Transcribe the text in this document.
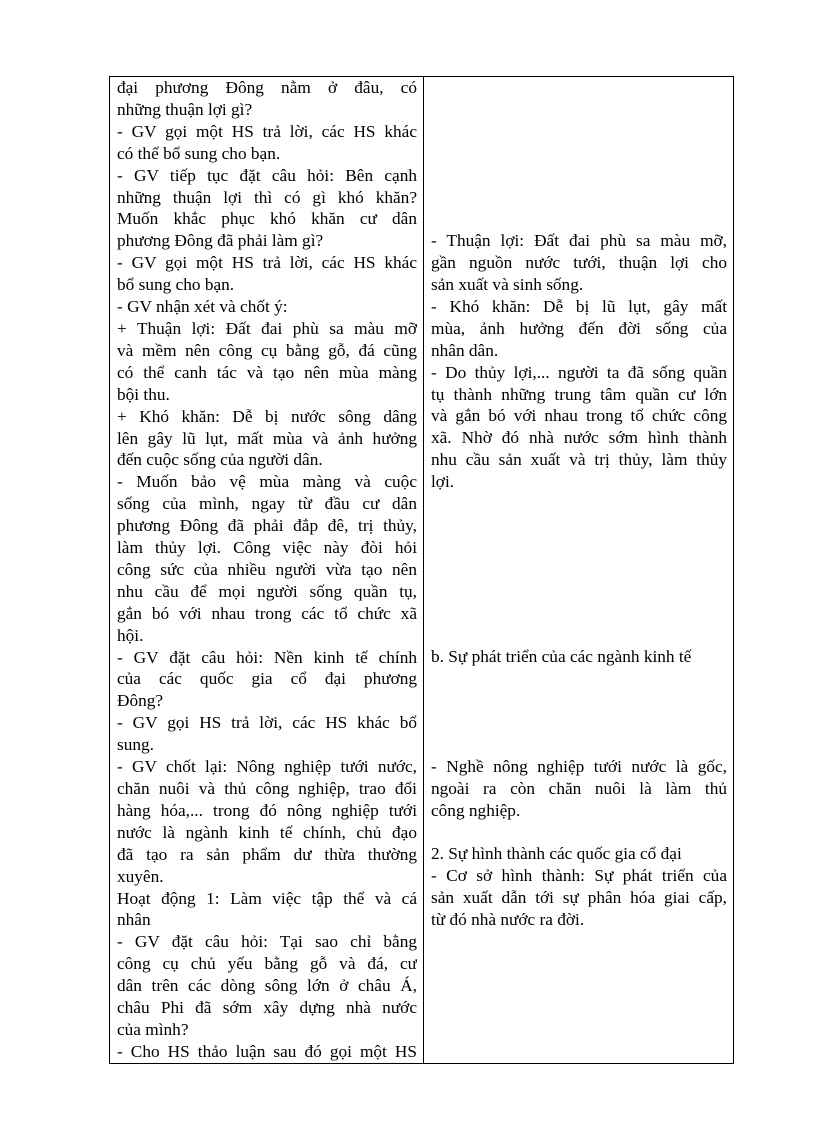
đại phương Đông nằm ở đâu, có
những thuận lợi gì?
- GV gọi một HS trả lời, các HS khác
có thể bổ sung cho bạn.
- GV tiếp tục đặt câu hỏi: Bên cạnh
những thuận lợi thì có gì khó khăn?
Muốn khắc phục khó khăn cư dân
phương Đông đã phải làm gì?
- GV gọi một HS trả lời, các HS khác
bổ sung cho bạn.
- GV nhận xét và chốt ý:
+ Thuận lợi: Đất đai phù sa màu mỡ
và mềm nên công cụ bằng gỗ, đá cũng
có thể canh tác và tạo nên mùa màng
bội thu.
+ Khó khăn: Dễ bị nước sông dâng
lên gây lũ lụt, mất mùa và ảnh hưởng
đến cuộc sống của người dân.
- Muốn bảo vệ mùa màng và cuộc
sống của mình, ngay từ đầu cư dân
phương Đông đã phải đắp đê, trị thủy,
làm thủy lợi. Công việc này đòi hỏi
công sức của nhiều người vừa tạo nên
nhu cầu để mọi người sống quần tụ,
gắn bó với nhau trong các tổ chức xã
hội.
- GV đặt câu hỏi: Nền kinh tế chính
của các quốc gia cổ đại phương
Đông?
- GV gọi HS trả lời, các HS khác bổ
sung.
- GV chốt lại: Nông nghiệp tưới nước,
chăn nuôi và thủ công nghiệp, trao đổi
hàng hóa,... trong đó nông nghiệp tưới
nước là ngành kinh tế chính, chủ đạo
đã tạo ra sản phẩm dư thừa thường
xuyên.
Hoạt động 1: Làm việc tập thể và cá
nhân
- GV đặt câu hỏi: Tại sao chỉ bằng
công cụ chủ yếu bằng gỗ và đá, cư
dân trên các dòng sông lớn ở châu Á,
châu Phi đã sớm xây dựng nhà nước
của mình?
- Cho HS thảo luận sau đó gọi một HS

- Thuận lợi: Đất đai phù sa màu mỡ,
gần nguồn nước tưới, thuận lợi cho
sản xuất và sinh sống.
- Khó khăn: Dễ bị lũ lụt, gây mất
mùa, ảnh hưởng đến đời sống của
nhân dân.
- Do thủy lợi,... người ta đã sống quần
tụ thành những trung tâm quần cư lớn
và gắn bó với nhau trong tổ chức công
xã. Nhờ đó nhà nước sớm hình thành
nhu cầu sản xuất và trị thủy, làm thủy
lợi.
b. Sự phát triển của các ngành kinh tế
- Nghề nông nghiệp tưới nước là gốc,
ngoài ra còn chăn nuôi là làm thủ
công nghiệp.
2. Sự hình thành các quốc gia cổ đại
- Cơ sở hình thành: Sự phát triển của
sản xuất dẫn tới sự phân hóa giai cấp,
từ đó nhà nước ra đời.
